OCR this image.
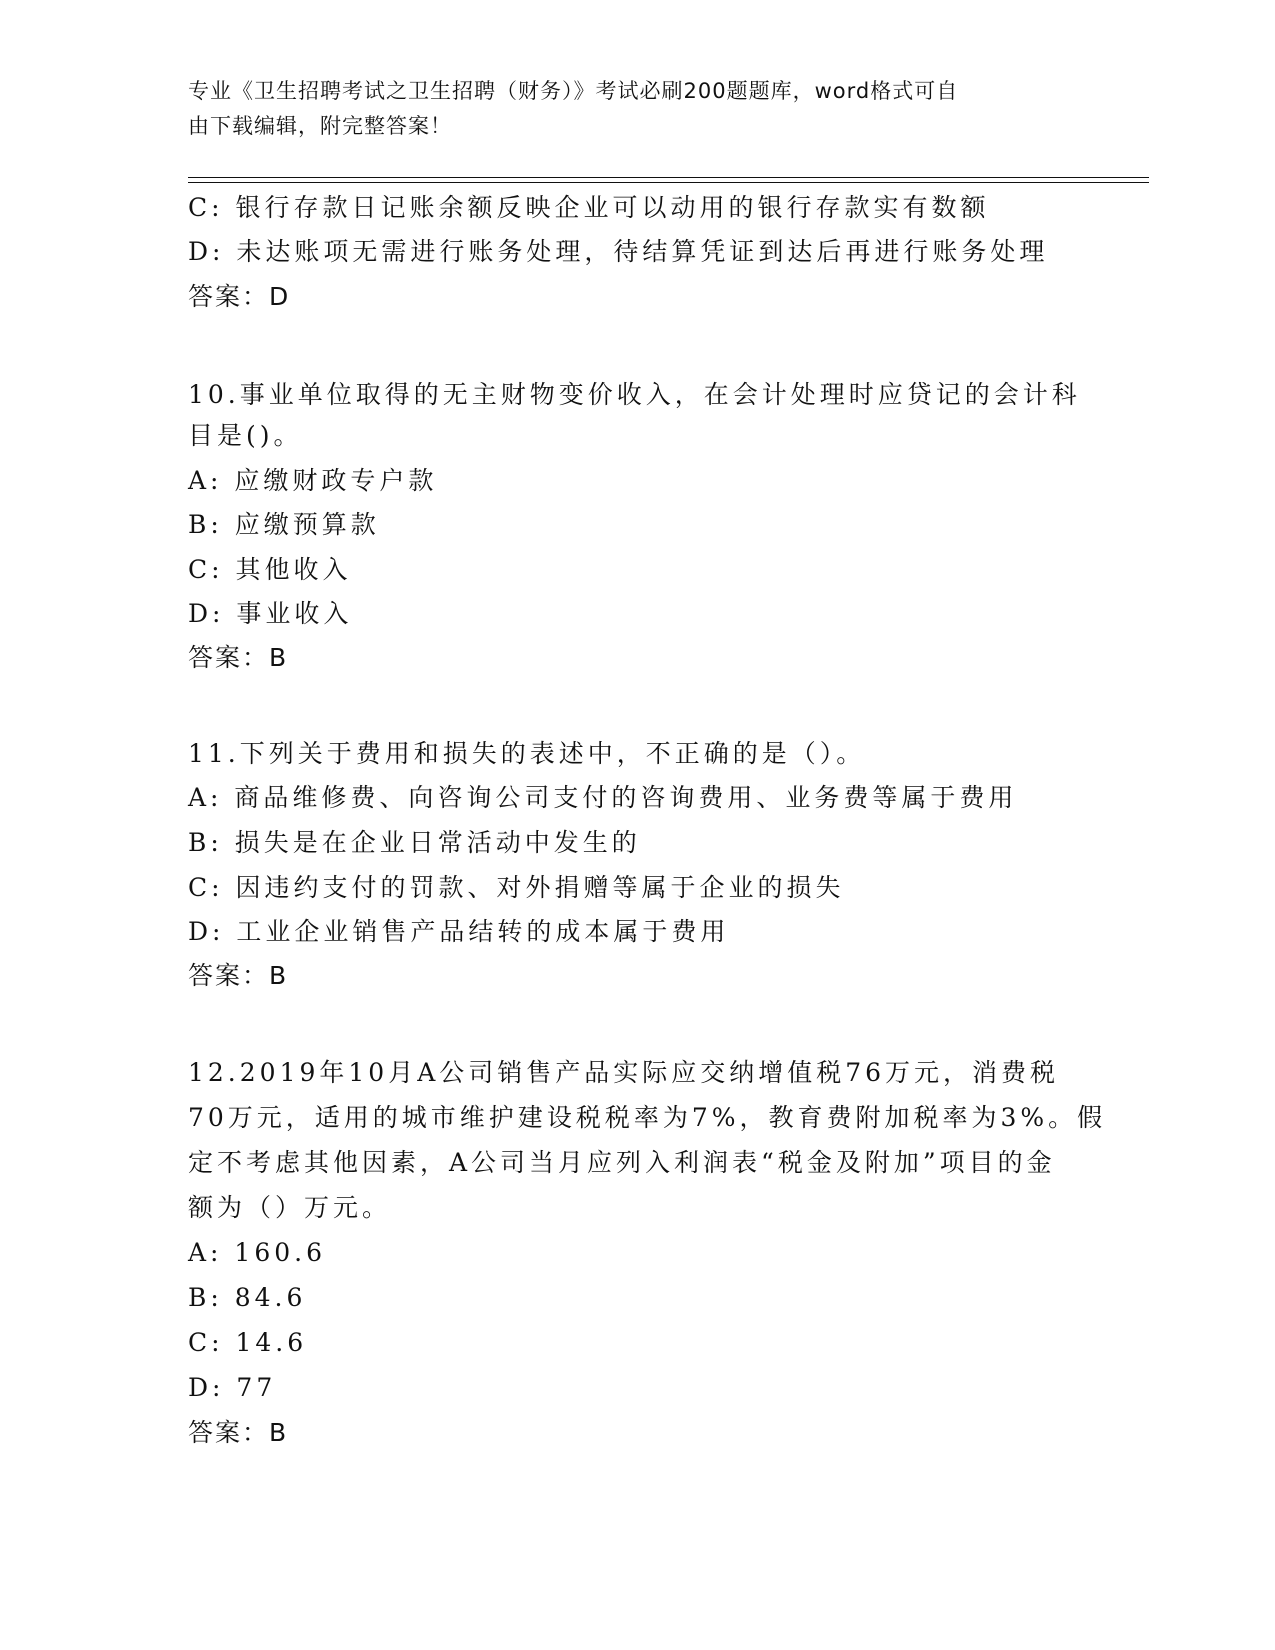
专业《卫生招聘考试之卫生招聘（财务）》考试必刷200题题库，word格式可自
由下载编辑，附完整答案！
C: 银行存款日记账余额反映企业可以动用的银行存款实有数额
D: 未达账项无需进行账务处理，待结算凭证到达后再进行账务处理
答案：D
10.事业单位取得的无主财物变价收入，在会计处理时应贷记的会计科
目是()。
A: 应缴财政专户款
B: 应缴预算款
C: 其他收入
D: 事业收入
答案：B
11.下列关于费用和损失的表述中，不正确的是（）。
A: 商品维修费、向咨询公司支付的咨询费用、业务费等属于费用
B: 损失是在企业日常活动中发生的
C: 因违约支付的罚款、对外捐赠等属于企业的损失
D: 工业企业销售产品结转的成本属于费用
答案：B
12.2019年10月A公司销售产品实际应交纳增值税76万元，消费税
70万元，适用的城市维护建设税税率为7%，教育费附加税率为3%。假
定不考虑其他因素，A公司当月应列入利润表“税金及附加”项目的金
额为（）万元。
A: 160.6
B: 84.6
C: 14.6
D: 77
答案：B
